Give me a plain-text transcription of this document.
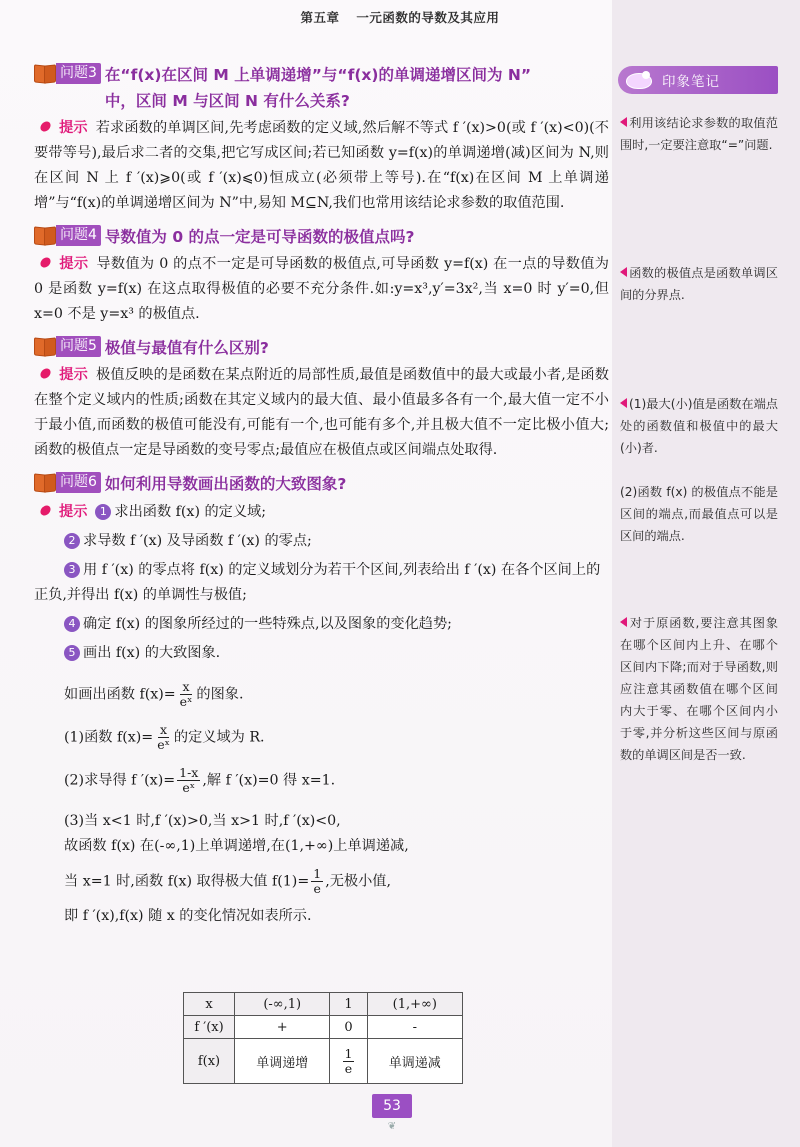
第五章 一元函数的导数及其应用
问题3 在“f(x)在区间 M 上单调递增”与“f(x)的单调递增区间为 N”
中，区间 M 与区间 N 有什么关系?

提示 若求函数的单调区间,先考虑函数的定义域,然后解不等式 f ′(x)>0(或 f ′(x)<0)(不要带等号),最后求二者的交集,把它写成区间;若已知函数 y=f(x)的单调递增(减)区间为 N,则在区间 N 上 f ′(x)⩾0(或 f ′(x)⩽0)恒成立(必须带上等号).在“f(x)在区间 M 上单调递增”与“f(x)的单调递增区间为 N”中,易知 M⊆N,我们也常用该结论求参数的取值范围.

问题4 导数值为 0 的点一定是可导函数的极值点吗?

提示 导数值为 0 的点不一定是可导函数的极值点,可导函数 y=f(x) 在一点的导数值为 0 是函数 y=f(x) 在这点取得极值的必要不充分条件.如:y=x³,y′=3x²,当 x=0 时 y′=0,但 x=0 不是 y=x³ 的极值点.

问题5 极值与最值有什么区别?

提示 极值反映的是函数在某点附近的局部性质,最值是函数值中的最大或最小者,是函数在整个定义域内的性质;函数在其定义域内的最大值、最小值最多各有一个,最大值一定不小于最小值,而函数的极值可能没有,可能有一个,也可能有多个,并且极大值不一定比极小值大;函数的极值点一定是导函数的变号零点;最值应在极值点或区间端点处取得.

问题6 如何利用导数画出函数的大致图象?
提示 1 求出函数 f(x) 的定义域;
2 求导数 f ′(x) 及导函数 f ′(x) 的零点;
3 用 f ′(x) 的零点将 f(x) 的定义域划分为若干个区间,列表给出 f ′(x) 在各个区间上的正负,并得出 f(x) 的单调性与极值;
4 确定 f(x) 的图象所经过的一些特殊点,以及图象的变化趋势;
5 画出 f(x) 的大致图象.
如画出函数 $f(x)= \frac{x}{\text{eˣ}}$ 的图象.
(1)函数 $f(x)= \frac{x}{\text{eˣ}}$ 的定义域为 R.
(2)求导得 f $'(x)= \frac{1-x}{\text{eˣ}}$ ,解 f ′(x)=0 得 x=1.
(3)当 x<1 时,f ′(x)>0,当 x>1 时,f ′(x)<0,
故函数 f(x) 在(-∞,1)上单调递增,在(1,+∞)上单调递减,
当 x=1 时,函数 f(x) 取得极大值 $f(1)= \frac{1}{e}$ ,无极小值,
即 f ′(x),f(x) 随 x 的变化情况如表所示.
x	(-∞,1)	1	(1,+∞)
f ′(x)	+	0	-
f(x)	单调递增	$\frac{1}{e}$	单调递减
53
❦
印象笔记
利用该结论求参数的取值范围时,一定要注意取“=”问题.
函数的极值点是函数单调区间的分界点.
(1)最大(小)值是函数在端点处的函数值和极值中的最大(小)者.
(2)函数 f(x) 的极值点不能是区间的端点,而最值点可以是区间的端点.
对于原函数,要注意其图象在哪个区间内上升、在哪个区间内下降;而对于导函数,则应注意其函数值在哪个区间内大于零、在哪个区间内小于零,并分析这些区间与原函数的单调区间是否一致.
